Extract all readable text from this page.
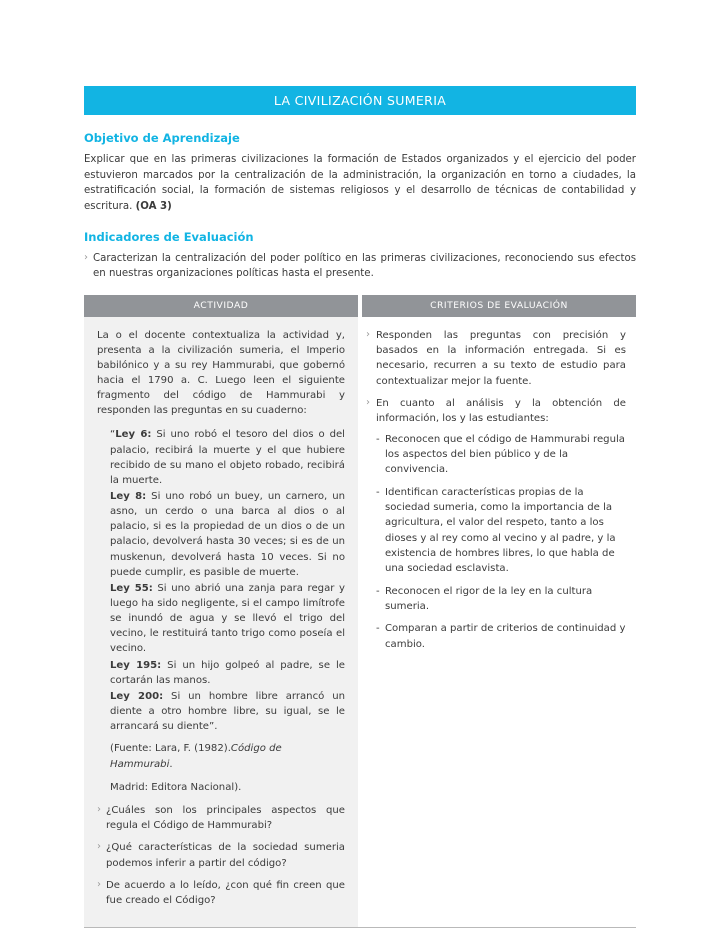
LA CIVILIZACIÓN SUMERIA
Objetivo de Aprendizaje

Explicar que en las primeras civilizaciones la formación de Estados organizados y el ejercicio del poder estuvieron marcados por la centralización de la administración, la organización en torno a ciudades, la estratificación social, la formación de sistemas religiosos y el desarrollo de técnicas de contabilidad y escritura. (OA 3)

Indicadores de Evaluación
› Caracterizan la centralización del poder político en las primeras civilizaciones, reconociendo sus efectos en nuestras organizaciones políticas hasta el presente.
ACTIVIDAD	CRITERIOS DE EVALUACIÓN

La o el docente contextualiza la actividad y, presenta a la civilización sumeria, el Imperio babilónico y a su rey Hammurabi, que gobernó hacia el 1790 a. C. Luego leen el siguiente fragmento del código de Hammurabi y responden las preguntas en su cuaderno:

“Ley 6: Si uno robó el tesoro del dios o del palacio, recibirá la muerte y el que hubiere recibido de su mano el objeto robado, recibirá la muerte.

Ley 8: Si uno robó un buey, un carnero, un asno, un cerdo o una barca al dios o al palacio, si es la propiedad de un dios o de un palacio, devolverá hasta 30 veces; si es de un muskenun, devolverá hasta 10 veces. Si no puede cumplir, es pasible de muerte.

Ley 55: Si uno abrió una zanja para regar y luego ha sido negligente, si el campo limítrofe se inundó de agua y se llevó el trigo del vecino, le restituirá tanto trigo como poseía el vecino.

Ley 195: Si un hijo golpeó al padre, se le cortarán las manos.

Ley 200: Si un hombre libre arrancó un diente a otro hombre libre, su igual, se le arrancará su diente”.

(Fuente: Lara, F. (1982).Código de Hammurabi.

Madrid: Editora Nacional).

› ¿Cuáles son los principales aspectos que regula el Código de Hammurabi?
› ¿Qué características de la sociedad sumeria podemos inferir a partir del código?
› De acuerdo a lo leído, ¿con qué fin creen que fue creado el Código?
› Responden las preguntas con precisión y basados en la información entregada. Si es necesario, recurren a su texto de estudio para contextualizar mejor la fuente.
› En cuanto al análisis y la obtención de información, los y las estudiantes:
- Reconocen que el código de Hammurabi regula los aspectos del bien público y de la convivencia.
- Identifican características propias de la sociedad sumeria, como la importancia de la agricultura, el valor del respeto, tanto a los dioses y al rey como al vecino y al padre, y la existencia de hombres libres, lo que habla de una sociedad esclavista.
- Reconocen el rigor de la ley en la cultura sumeria.
- Comparan a partir de criterios de continuidad y cambio.
